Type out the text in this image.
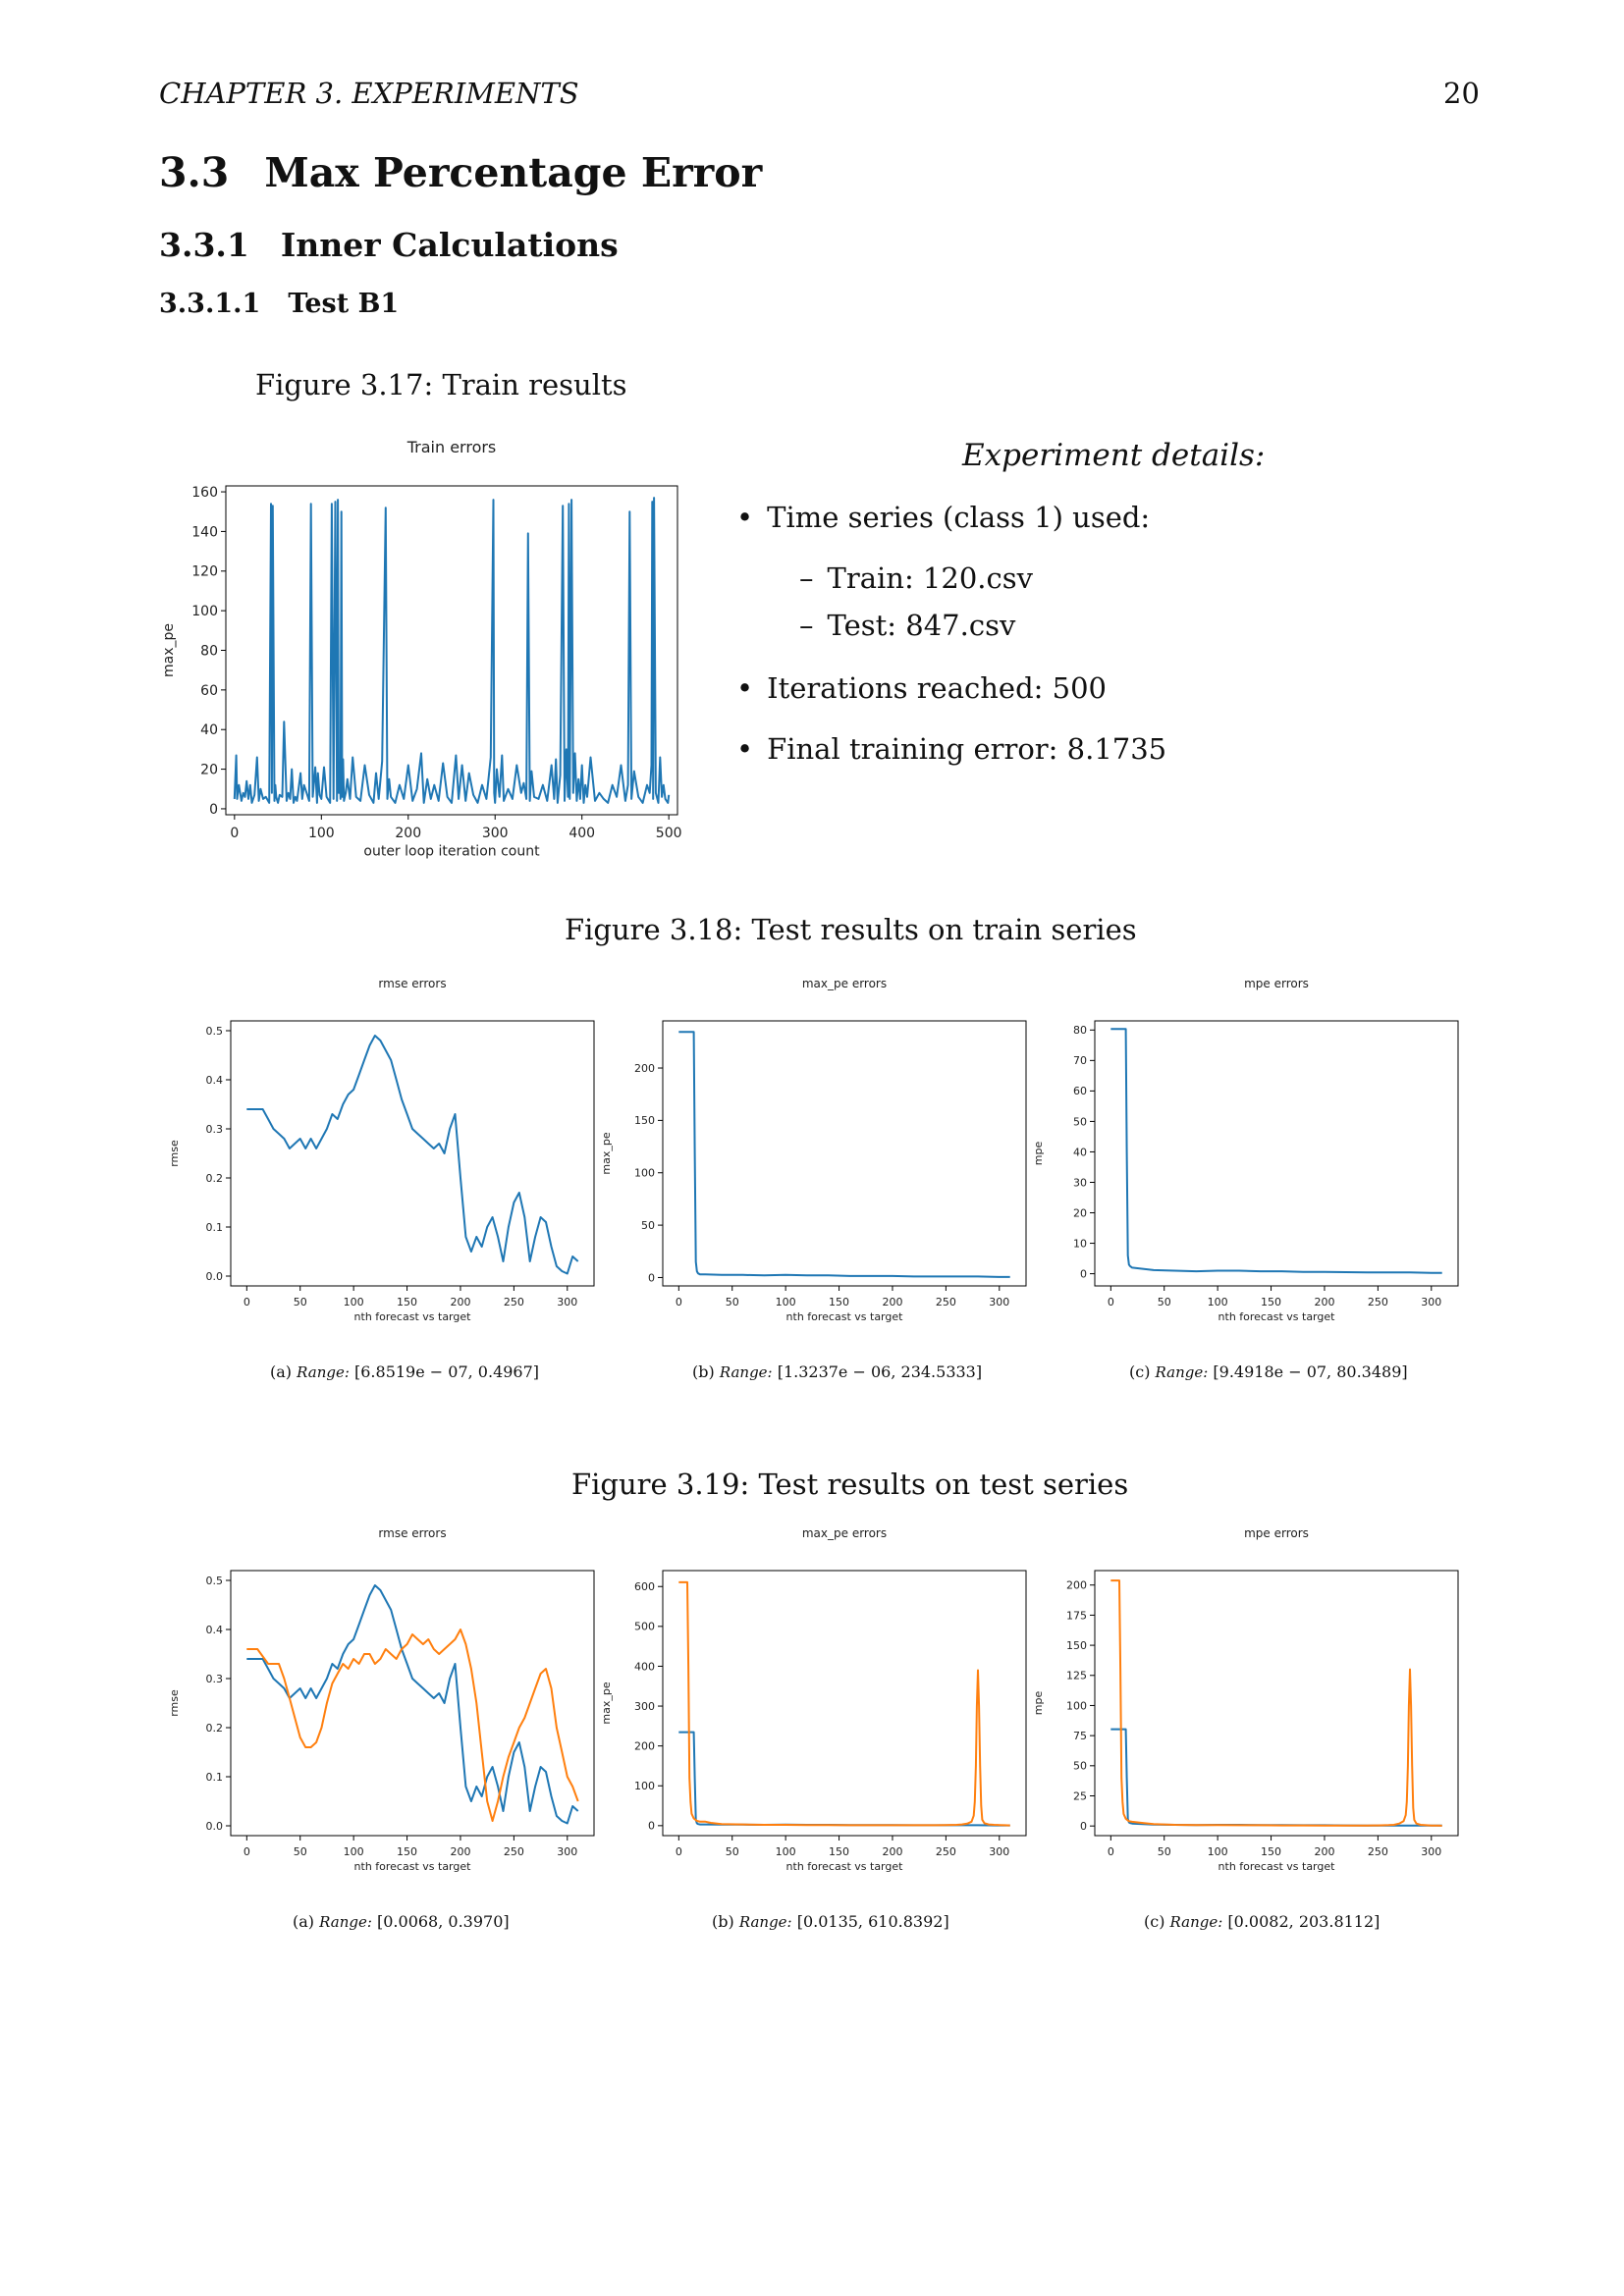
CHAPTER 3. EXPERIMENTS	20
3.3 Max Percentage Error
3.3.1 Inner Calculations
3.3.1.1 Test B1
Figure 3.17: Train results
Train errors
0	100	200	300	400	500
0
20
40
60
80
100
120
140
160
outer loop iteration count
max_pe
Experiment details:
• Time series (class 1) used:
– Train: 120.csv
– Test: 847.csv
• Iterations reached: 500
• Final training error: 8.1735
Figure 3.18: Test results on train series
rmse errors
0	50	100	150	200	250	300
0.0
0.1
0.2
0.3
0.4
0.5
nth forecast vs target
rmse
max_pe errors
0	50	100	150	200	250	300
0
50
100
150
200
nth forecast vs target
max_pe
mpe errors
0	50	100	150	200	250	300
0
10
20
30
40
50
60
70
80
nth forecast vs target
mpe
(a) Range: [6.8519e − 07, 0.4967]	(b) Range: [1.3237e − 06, 234.5333]	(c) Range: [9.4918e − 07, 80.3489]
Figure 3.19: Test results on test series
rmse errors
0	50	100	150	200	250	300
0.0
0.1
0.2
0.3
0.4
0.5
nth forecast vs target
rmse
max_pe errors
0	50	100	150	200	250	300
0
100
200
300
400
500
600
nth forecast vs target
max_pe
mpe errors
0	50	100	150	200	250	300
0
25
50
75
100
125
150
175
200
nth forecast vs target
mpe
(a) Range: [0.0068, 0.3970]	(b) Range: [0.0135, 610.8392]	(c) Range: [0.0082, 203.8112]
